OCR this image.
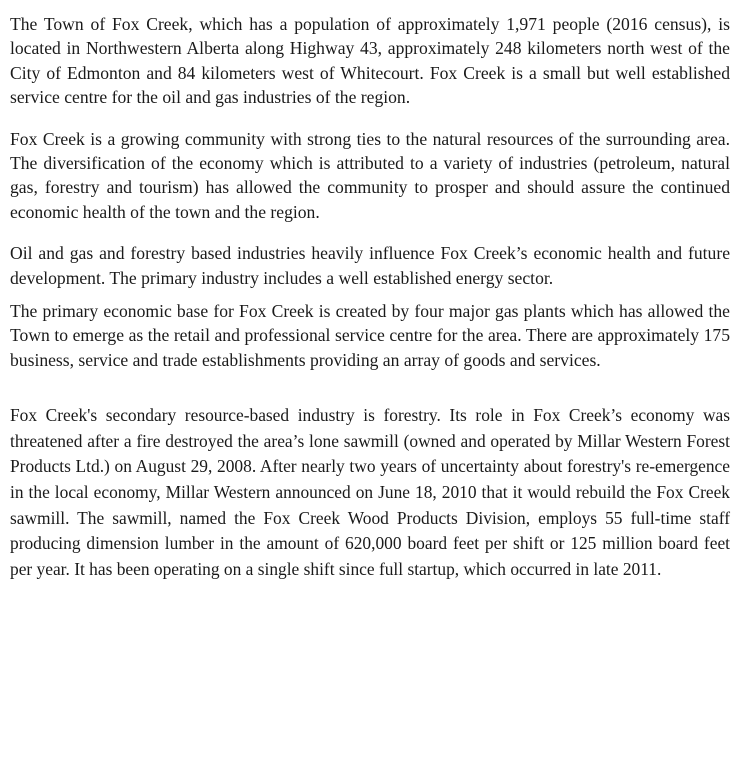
The Town of Fox Creek, which has a population of approximately 1,971 people (2016 census), is located in Northwestern Alberta along Highway 43, approximately 248 kilometers north west of the City of Edmonton and 84 kilometers west of Whitecourt. Fox Creek is a small but well established service centre for the oil and gas industries of the region.

Fox Creek is a growing community with strong ties to the natural resources of the surrounding area. The diversification of the economy which is attributed to a variety of industries (petroleum, natural gas, forestry and tourism) has allowed the community to prosper and should assure the continued economic health of the town and the region.

Oil and gas and forestry based industries heavily influence Fox Creek’s economic health and future development. The primary industry includes a well established energy sector.

The primary economic base for Fox Creek is created by four major gas plants which has allowed the Town to emerge as the retail and professional service centre for the area. There are approximately 175 business, service and trade establishments providing an array of goods and services.

Fox Creek's secondary resource-based industry is forestry. Its role in Fox Creek’s economy was threatened after a fire destroyed the area’s lone sawmill (owned and operated by Millar Western Forest Products Ltd.) on August 29, 2008. After nearly two years of uncertainty about forestry's re-emergence in the local economy, Millar Western announced on June 18, 2010 that it would rebuild the Fox Creek sawmill. The sawmill, named the Fox Creek Wood Products Division, employs 55 full-time staff producing dimension lumber in the amount of 620,000 board feet per shift or 125 million board feet per year. It has been operating on a single shift since full startup, which occurred in late 2011.
